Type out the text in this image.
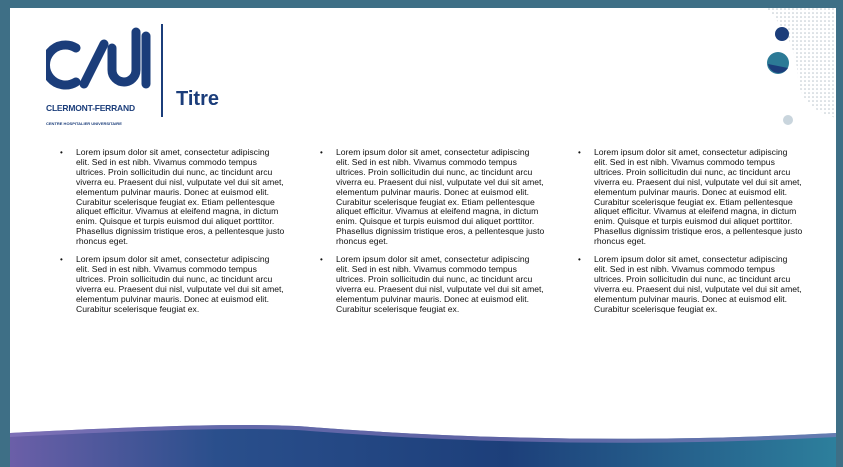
CLERMONT-FERRAND
CENTRE HOSPITALIER UNIVERSITAIRE
Titre
• Lorem ipsum dolor sit amet, consectetur adipiscing elit. Sed in est nibh. Vivamus commodo tempus ultrices. Proin sollicitudin dui nunc, ac tincidunt arcu viverra eu. Praesent dui nisl, vulputate vel dui sit amet, elementum pulvinar mauris. Donec at euismod elit. Curabitur scelerisque feugiat ex. Etiam pellentesque aliquet efficitur. Vivamus at eleifend magna, in dictum enim. Quisque et turpis euismod dui aliquet porttitor. Phasellus dignissim tristique eros, a pellentesque justo rhoncus eget.
• Lorem ipsum dolor sit amet, consectetur adipiscing elit. Sed in est nibh. Vivamus commodo tempus ultrices. Proin sollicitudin dui nunc, ac tincidunt arcu viverra eu. Praesent dui nisl, vulputate vel dui sit amet, elementum pulvinar mauris. Donec at euismod elit. Curabitur scelerisque feugiat ex.
• Lorem ipsum dolor sit amet, consectetur adipiscing elit. Sed in est nibh. Vivamus commodo tempus ultrices. Proin sollicitudin dui nunc, ac tincidunt arcu viverra eu. Praesent dui nisl, vulputate vel dui sit amet, elementum pulvinar mauris. Donec at euismod elit. Curabitur scelerisque feugiat ex. Etiam pellentesque aliquet efficitur. Vivamus at eleifend magna, in dictum enim. Quisque et turpis euismod dui aliquet porttitor. Phasellus dignissim tristique eros, a pellentesque justo rhoncus eget.
• Lorem ipsum dolor sit amet, consectetur adipiscing elit. Sed in est nibh. Vivamus commodo tempus ultrices. Proin sollicitudin dui nunc, ac tincidunt arcu viverra eu. Praesent dui nisl, vulputate vel dui sit amet, elementum pulvinar mauris. Donec at euismod elit. Curabitur scelerisque feugiat ex.
• Lorem ipsum dolor sit amet, consectetur adipiscing elit. Sed in est nibh. Vivamus commodo tempus ultrices. Proin sollicitudin dui nunc, ac tincidunt arcu viverra eu. Praesent dui nisl, vulputate vel dui sit amet, elementum pulvinar mauris. Donec at euismod elit. Curabitur scelerisque feugiat ex. Etiam pellentesque aliquet efficitur. Vivamus at eleifend magna, in dictum enim. Quisque et turpis euismod dui aliquet porttitor. Phasellus dignissim tristique eros, a pellentesque justo rhoncus eget.
• Lorem ipsum dolor sit amet, consectetur adipiscing elit. Sed in est nibh. Vivamus commodo tempus ultrices. Proin sollicitudin dui nunc, ac tincidunt arcu viverra eu. Praesent dui nisl, vulputate vel dui sit amet, elementum pulvinar mauris. Donec at euismod elit. Curabitur scelerisque feugiat ex.
